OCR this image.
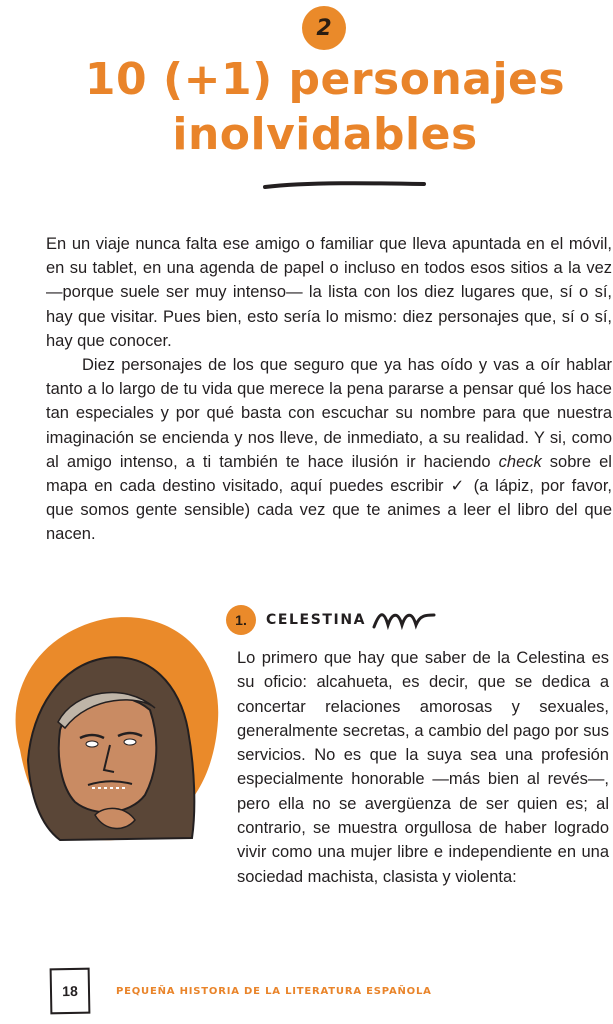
2
10 (+1) personajes
inolvidables

En un viaje nunca falta ese amigo o familiar que lleva apuntada en el móvil, en su tablet, en una agenda de papel o incluso en todos esos sitios a la vez —porque suele ser muy intenso— la lista con los diez lugares que, sí o sí, hay que visitar. Pues bien, esto sería lo mismo: diez personajes que, sí o sí, hay que conocer.

Diez personajes de los que seguro que ya has oído y vas a oír hablar tanto a lo largo de tu vida que merece la pena pararse a pensar qué los hace tan especiales y por qué basta con escuchar su nombre para que nuestra imaginación se encienda y nos lleve, de inmediato, a su realidad. Y si, como al amigo intenso, a ti también te hace ilusión ir haciendo check sobre el mapa en cada destino visitado, aquí puedes escribir ✓ (a lápiz, por favor, que somos gente sensible) cada vez que te animes a leer el libro del que nacen.

1. CELESTINA
Lo primero que hay que saber de la Celestina es su oficio: alcahueta, es decir, que se dedica a concertar relaciones amorosas y sexuales, generalmente secretas, a cambio del pago por sus servicios. No es que la suya sea una profesión especialmente honorable —más bien al revés—, pero ella no se avergüenza de ser quien es; al contrario, se muestra orgullosa de haber logrado vivir como una mujer libre e independiente en una sociedad machista, clasista y violenta:
18	PEQUEÑA HISTORIA DE LA LITERATURA ESPAÑOLA
